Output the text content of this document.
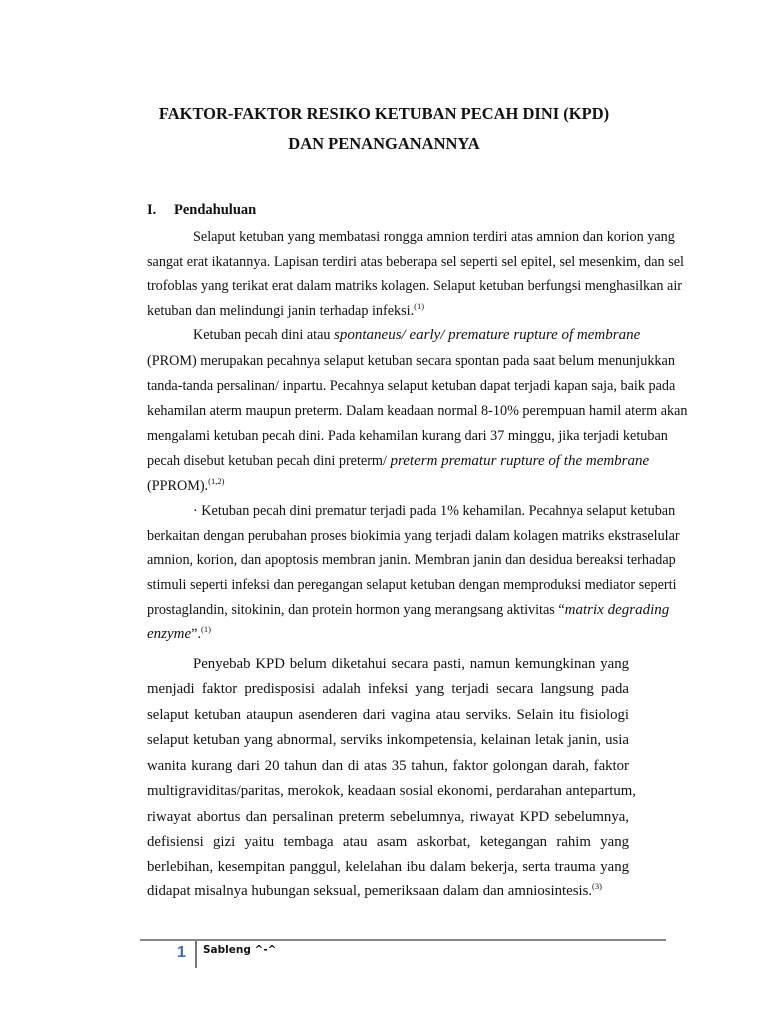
FAKTOR-FAKTOR RESIKO KETUBAN PECAH DINI (KPD)
DAN PENANGANANNYA
I. Pendahuluan
Selaput ketuban yang membatasi rongga amnion terdiri atas amnion dan korion yang
sangat erat ikatannya. Lapisan terdiri atas beberapa sel seperti sel epitel, sel mesenkim, dan sel
trofoblas yang terikat erat dalam matriks kolagen. Selaput ketuban berfungsi menghasilkan air
ketuban dan melindungi janin terhadap infeksi.$^{(1)}$
Ketuban pecah dini atau spontaneus/ early/ premature rupture of membrane
(PROM) merupakan pecahnya selaput ketuban secara spontan pada saat belum menunjukkan
tanda-tanda persalinan/ inpartu. Pecahnya selaput ketuban dapat terjadi kapan saja, baik pada
kehamilan aterm maupun preterm. Dalam keadaan normal 8-10% perempuan hamil aterm akan
mengalami ketuban pecah dini. Pada kehamilan kurang dari 37 minggu, jika terjadi ketuban
pecah disebut ketuban pecah dini preterm/ preterm prematur rupture of the membrane
(PPROM).$^{(1,2)}$
· Ketuban pecah dini prematur terjadi pada 1% kehamilan. Pecahnya selaput ketuban
berkaitan dengan perubahan proses biokimia yang terjadi dalam kolagen matriks ekstraselular
amnion, korion, dan apoptosis membran janin. Membran janin dan desidua bereaksi terhadap
stimuli seperti infeksi dan peregangan selaput ketuban dengan memproduksi mediator seperti
prostaglandin, sitokinin, dan protein hormon yang merangsang aktivitas “matrix degrading
enzyme”.$^{(1)}$
Penyebab KPD belum diketahui secara pasti, namun kemungkinan yang
menjadi faktor predisposisi adalah infeksi yang terjadi secara langsung pada
selaput ketuban ataupun asenderen dari vagina atau serviks. Selain itu fisiologi
selaput ketuban yang abnormal, serviks inkompetensia, kelainan letak janin, usia
wanita kurang dari 20 tahun dan di atas 35 tahun, faktor golongan darah, faktor
multigraviditas/paritas, merokok, keadaan sosial ekonomi, perdarahan antepartum,
riwayat abortus dan persalinan preterm sebelumnya, riwayat KPD sebelumnya,
defisiensi gizi yaitu tembaga atau asam askorbat, ketegangan rahim yang
berlebihan, kesempitan panggul, kelelahan ibu dalam bekerja, serta trauma yang
didapat misalnya hubungan seksual, pemeriksaan dalam dan amniosintesis.$^{(3)}$
1 Sableng ^-^
